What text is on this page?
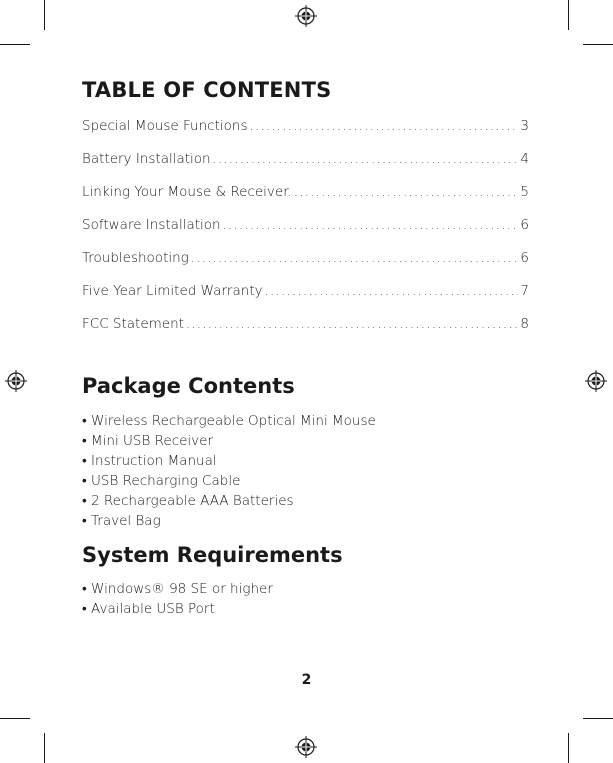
TABLE OF CONTENTS
Special Mouse Functions . . .	3
Battery Installation . . .	4
Linking Your Mouse & Receiver. . . .	5
Software Installation . . .	6
Troubleshooting . . .	6
Five Year Limited Warranty . . .	7
FCC Statement . . .	8
Package Contents
• Wireless Rechargeable Optical Mini Mouse
• Mini USB Receiver
• Instruction Manual
• USB Recharging Cable
• 2 Rechargeable AAA Batteries
• Travel Bag
System Requirements
• Windows® 98 SE or higher
• Available USB Port
2
